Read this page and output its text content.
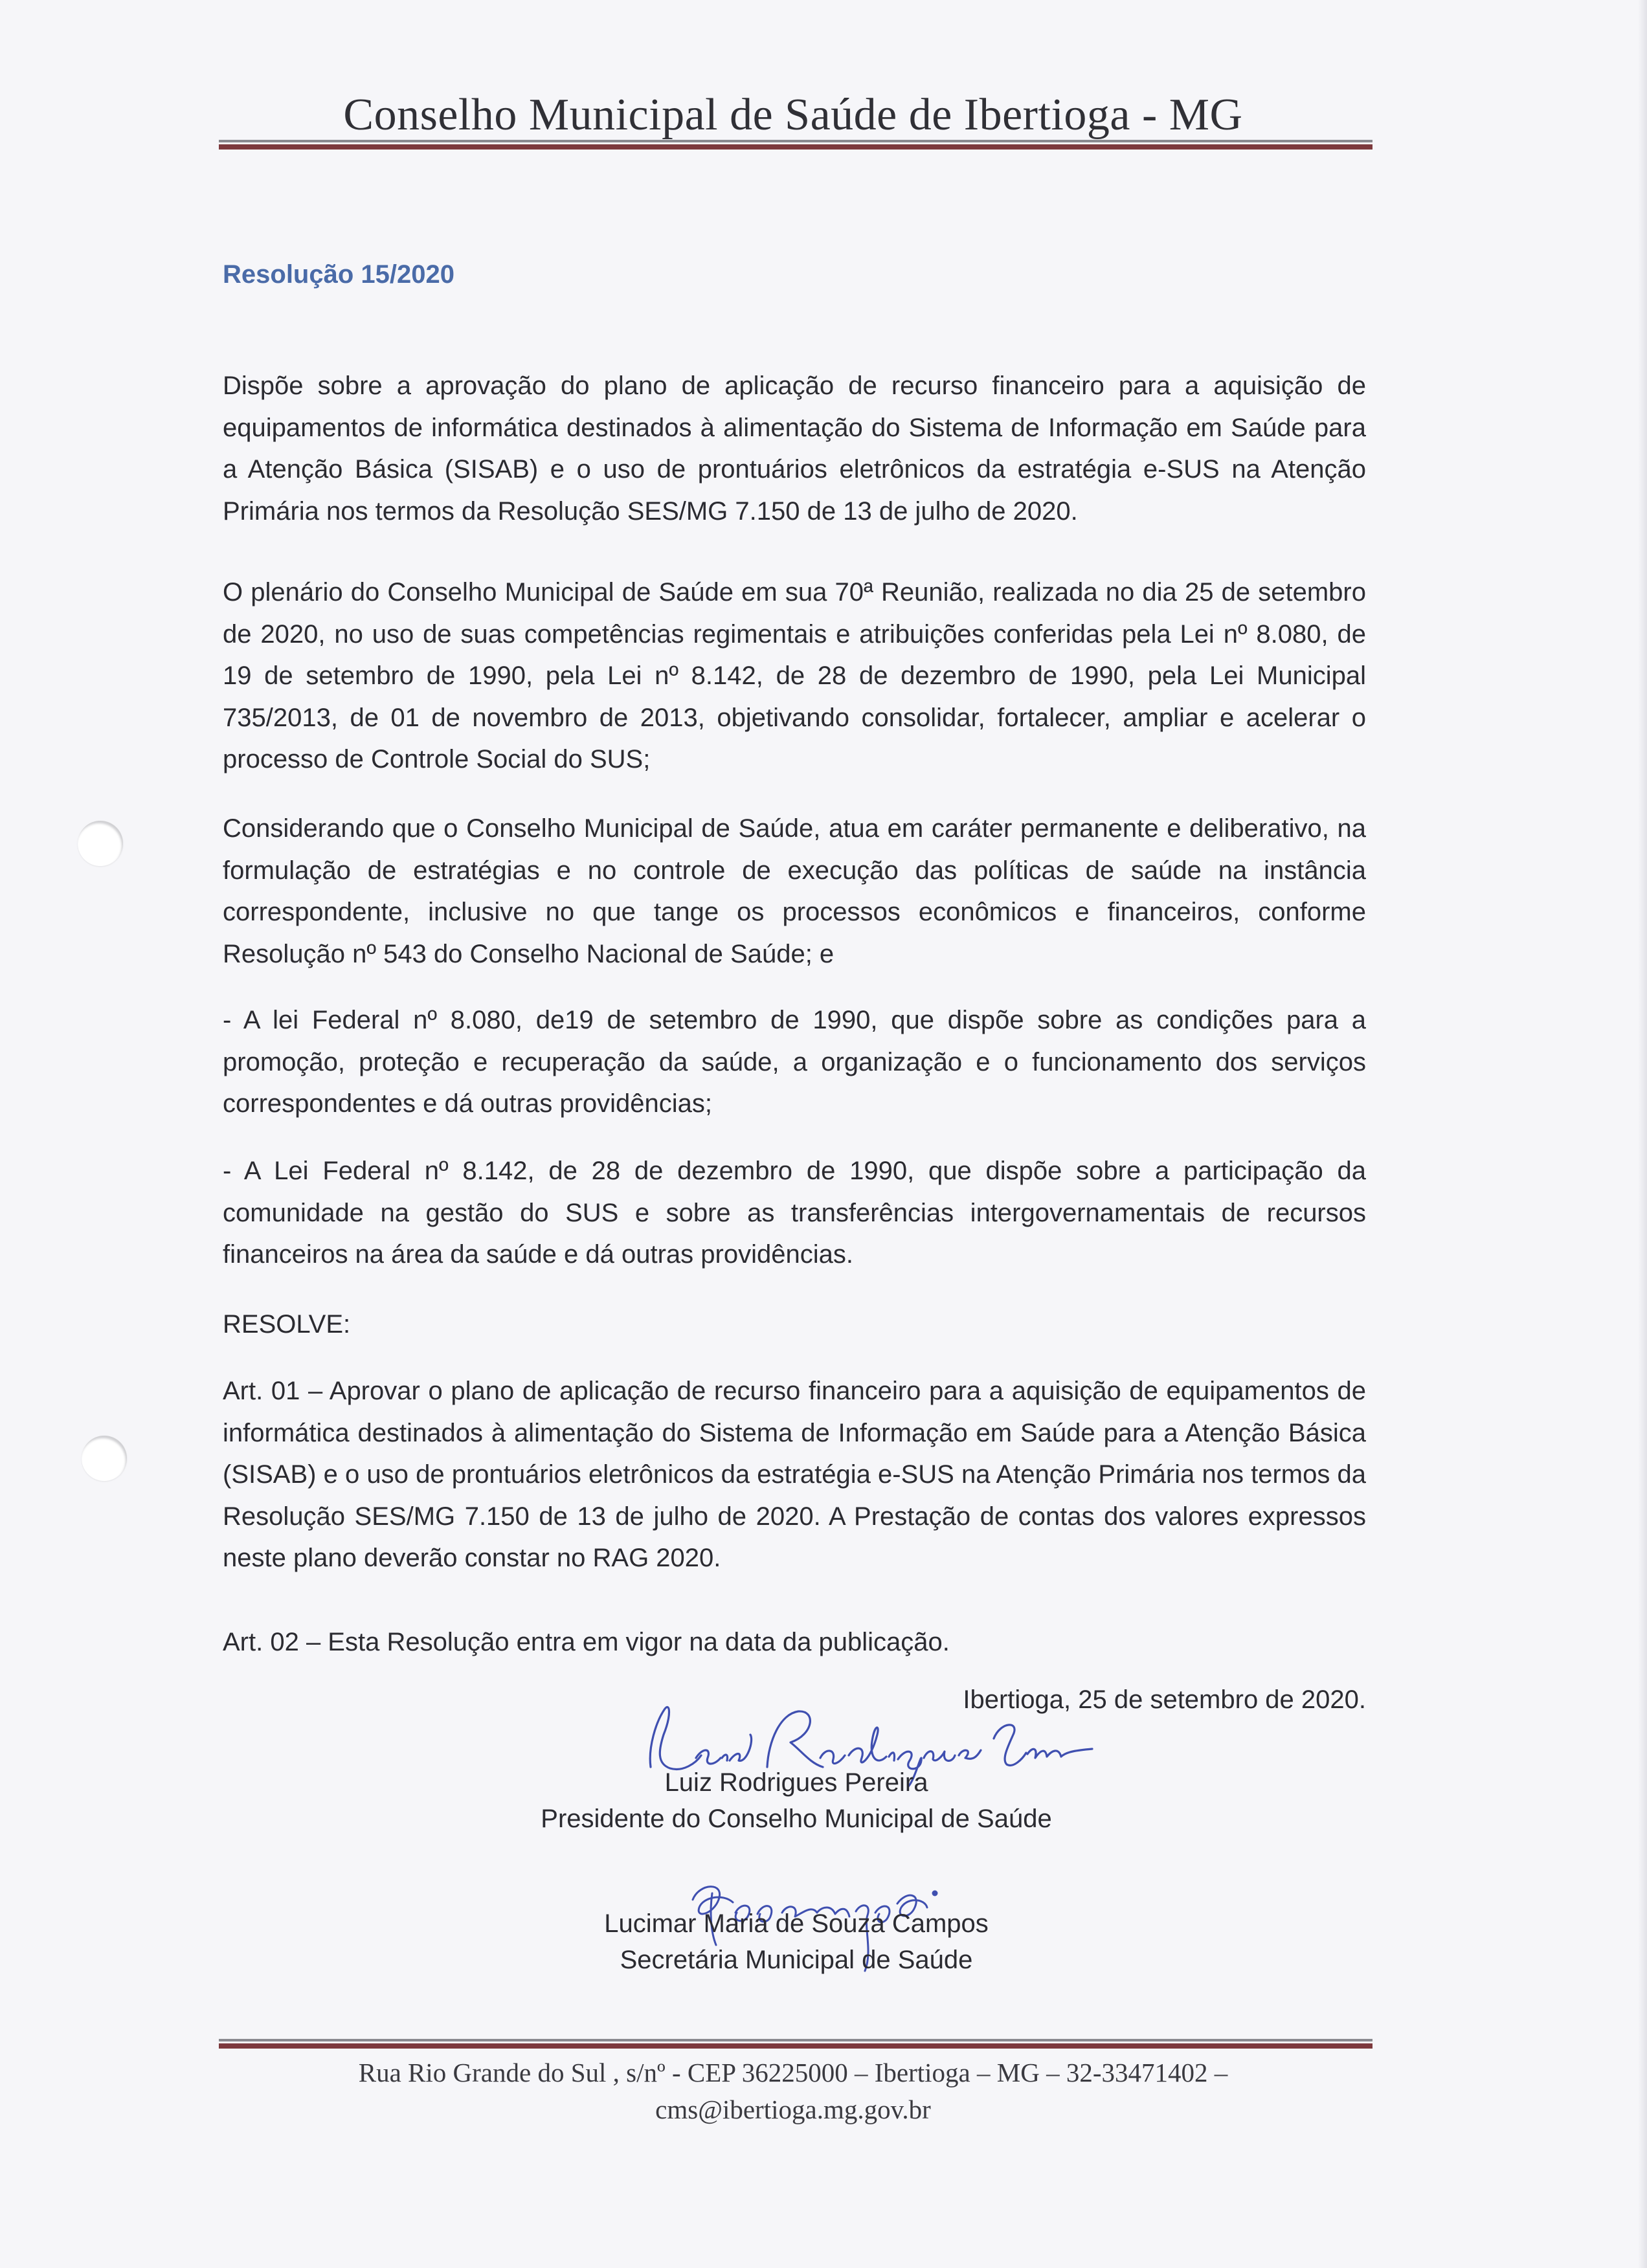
Conselho Municipal de Saúde de Ibertioga - MG
Resolução 15/2020
Dispõe sobre a aprovação do plano de aplicação de recurso financeiro para a aquisição de equipamentos de informática destinados à alimentação do Sistema de Informação em Saúde para a Atenção Básica (SISAB) e o uso de prontuários eletrônicos da estratégia e-SUS na Atenção Primária nos termos da Resolução SES/MG 7.150 de 13 de julho de 2020.
O plenário do Conselho Municipal de Saúde em sua 70ª Reunião, realizada no dia 25 de setembro de 2020, no uso de suas competências regimentais e atribuições conferidas pela Lei nº 8.080, de 19 de setembro de 1990, pela Lei nº 8.142, de 28 de dezembro de 1990, pela Lei Municipal 735/2013, de 01 de novembro de 2013, objetivando consolidar, fortalecer, ampliar e acelerar o processo de Controle Social do SUS;
Considerando que o Conselho Municipal de Saúde, atua em caráter permanente e deliberativo, na formulação de estratégias e no controle de execução das políticas de saúde na instância correspondente, inclusive no que tange os processos econômicos e financeiros, conforme Resolução nº 543 do Conselho Nacional de Saúde; e
- A lei Federal nº 8.080, de19 de setembro de 1990, que dispõe sobre as condições para a promoção, proteção e recuperação da saúde, a organização e o funcionamento dos serviços correspondentes e dá outras providências;
- A Lei Federal nº 8.142, de 28 de dezembro de 1990, que dispõe sobre a participação da comunidade na gestão do SUS e sobre as transferências intergovernamentais de recursos financeiros na área da saúde e dá outras providências.
RESOLVE:
Art. 01 – Aprovar o plano de aplicação de recurso financeiro para a aquisição de equipamentos de informática destinados à alimentação do Sistema de Informação em Saúde para a Atenção Básica (SISAB) e o uso de prontuários eletrônicos da estratégia e-SUS na Atenção Primária nos termos da Resolução SES/MG 7.150 de 13 de julho de 2020. A Prestação de contas dos valores expressos neste plano deverão constar no RAG 2020.
Art. 02 – Esta Resolução entra em vigor na data da publicação.
Ibertioga, 25 de setembro de 2020.
Luiz Rodrigues Pereira
Presidente do Conselho Municipal de Saúde
Lucimar Maria de Souza Campos
Secretária Municipal de Saúde
Rua Rio Grande do Sul , s/nº - CEP 36225000 – Ibertioga – MG – 32-33471402 –
cms@ibertioga.mg.gov.br
